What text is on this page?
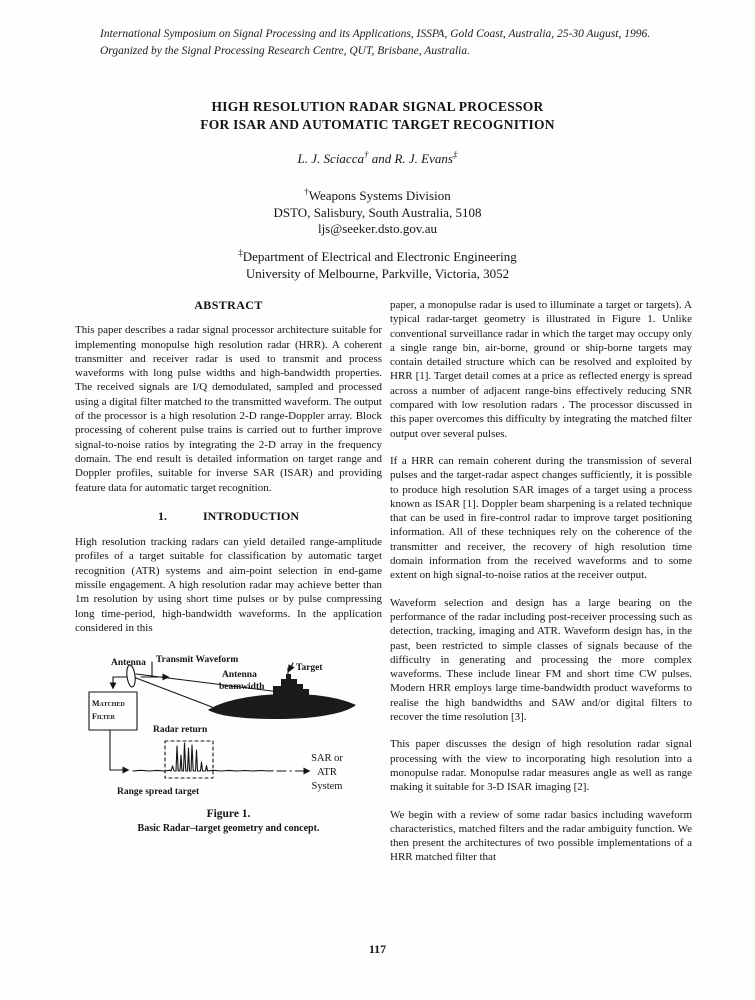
International Symposium on Signal Processing and its Applications, ISSPA, Gold Coast, Australia, 25-30 August, 1996.
Organized by the Signal Processing Research Centre, QUT, Brisbane, Australia.
HIGH RESOLUTION RADAR SIGNAL PROCESSOR
FOR ISAR AND AUTOMATIC TARGET RECOGNITION
L. J. Sciacca† and R. J. Evans‡
†Weapons Systems Division
DSTO, Salisbury, South Australia, 5108
ljs@seeker.dsto.gov.au
‡Department of Electrical and Electronic Engineering
University of Melbourne, Parkville, Victoria, 3052
ABSTRACT

This paper describes a radar signal processor architecture suitable for implementing monopulse high resolution radar (HRR). A coherent transmitter and receiver radar is used to transmit and process waveforms with long pulse widths and high-bandwidth properties. The received signals are I/Q demodulated, sampled and processed using a digital filter matched to the transmitted waveform. The output of the processor is a high resolution 2-D range-Doppler array. Block processing of coherent pulse trains is carried out to further improve signal-to-noise ratios by integrating the 2-D array in the frequency domain. The end result is detailed information on target range and Doppler profiles, suitable for inverse SAR (ISAR) and providing feature data for automatic target recognition.

1.	INTRODUCTION

High resolution tracking radars can yield detailed range-amplitude profiles of a target suitable for classification by automatic target recognition (ATR) systems and aim-point selection in end-game missile engagement. A high resolution radar may achieve better than 1m resolution by using short time pulses or by pulse compressing long time-period, high-bandwidth waveforms. In the application considered in this

Antenna Transmit Waveform
Matched
Filter
Antenna
beamwidth
Target
Radar return
SAR or
ATR
System
Range spread target
Figure 1.
Basic Radar–target geometry and concept.

paper, a monopulse radar is used to illuminate a target or targets). A typical radar-target geometry is illustrated in Figure 1. Unlike conventional surveillance radar in which the target may occupy only a single range bin, air-borne, ground or ship-borne targets may contain detailed structure which can be resolved and exploited by HRR [1]. Target detail comes at a price as reflected energy is spread across a number of adjacent range-bins effectively reducing SNR compared with low resolution radars . The processor discussed in this paper overcomes this difficulty by integrating the matched filter output over several pulses.

If a HRR can remain coherent during the transmission of several pulses and the target-radar aspect changes sufficiently, it is possible to produce high resolution SAR images of a target using a process known as ISAR [1]. Doppler beam sharpening is a related technique that can be used in fire-control radar to improve target positioning information. All of these techniques rely on the coherence of the transmitter and receiver, the recovery of high resolution time domain information from the received waveforms and to some extent on high signal-to-noise ratios at the receiver output.

Waveform selection and design has a large bearing on the performance of the radar including post-receiver processing such as detection, tracking, imaging and ATR. Waveform design has, in the past, been restricted to simple classes of signals because of the difficulty in generating and processing the more complex waveforms. These include linear FM and short time CW pulses. Modern HRR employs large time-bandwidth product waveforms to realise the high bandwidths and SAW and/or digital filters to recover the time resolution [3].

This paper discusses the design of high resolution radar signal processing with the view to incorporating high resolution into a monopulse radar. Monopulse radar measures angle as well as range making it suitable for 3-D ISAR imaging [2].

We begin with a review of some radar basics including waveform characteristics, matched filters and the radar ambiguity function. We then present the architectures of two possible implementations of a HRR matched filter that

117
